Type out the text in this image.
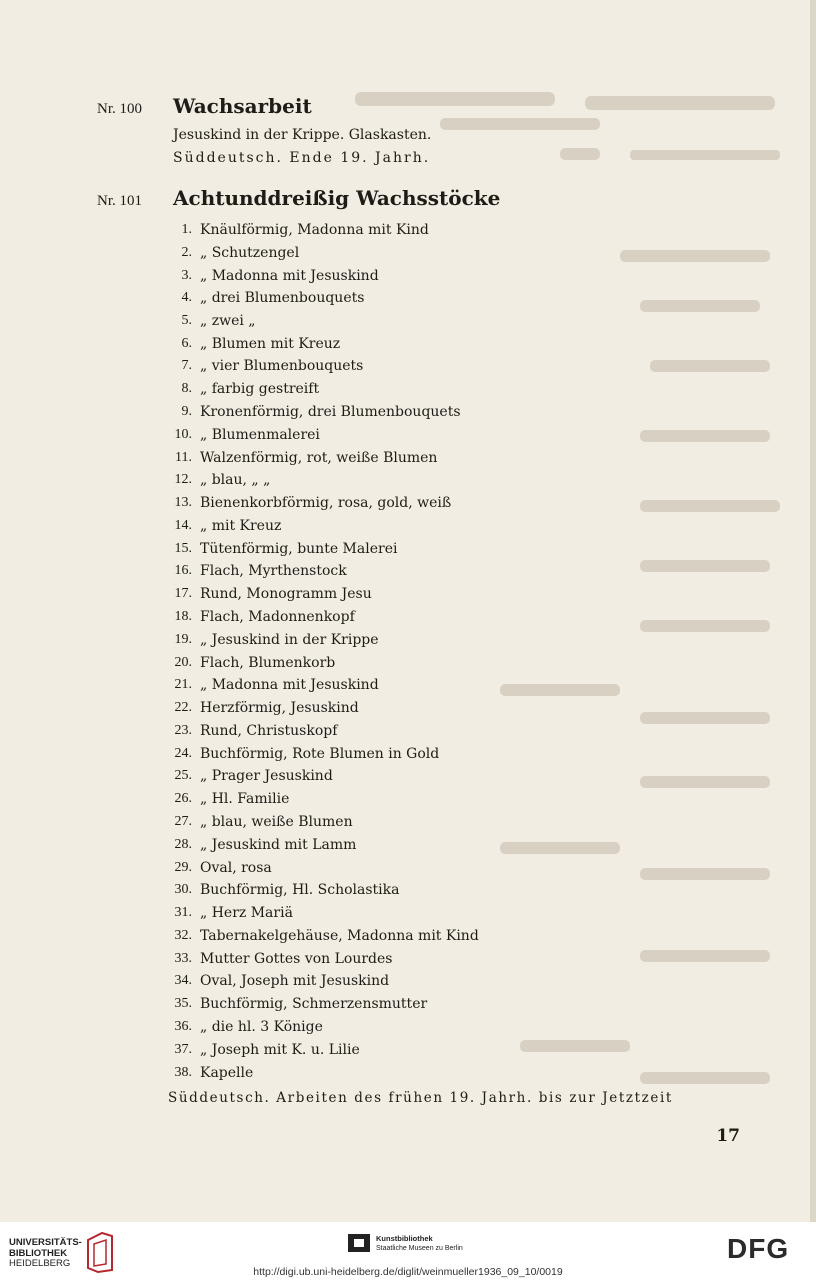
Nr. 100 Wachsarbeit
Jesuskind in der Krippe. Glaskasten.
Süddeutsch. Ende 19. Jahrh.
Nr. 101 Achtunddreißig Wachsstöcke
1. Knäulförmig, Madonna mit Kind
2. „ Schutzengel
3. „ Madonna mit Jesuskind
4. „ drei Blumenbouquets
5. „ zwei „
6. „ Blumen mit Kreuz
7. „ vier Blumenbouquets
8. „ farbig gestreift
9. Kronenförmig, drei Blumenbouquets
10. „ Blumenmalerei
11. Walzenförmig, rot, weiße Blumen
12. „ blau, „ „
13. Bienenkorbförmig, rosa, gold, weiß
14. „ mit Kreuz
15. Tütenförmig, bunte Malerei
16. Flach, Myrthenstock
17. Rund, Monogramm Jesu
18. Flach, Madonnenkopf
19. „ Jesuskind in der Krippe
20. Flach, Blumenkorb
21. „ Madonna mit Jesuskind
22. Herzförmig, Jesuskind
23. Rund, Christuskopf
24. Buchförmig, Rote Blumen in Gold
25. „ Prager Jesuskind
26. „ Hl. Familie
27. „ blau, weiße Blumen
28. „ Jesuskind mit Lamm
29. Oval, rosa
30. Buchförmig, Hl. Scholastika
31. „ Herz Mariä
32. Tabernakelgehäuse, Madonna mit Kind
33. Mutter Gottes von Lourdes
34. Oval, Joseph mit Jesuskind
35. Buchförmig, Schmerzensmutter
36. „ die hl. 3 Könige
37. „ Joseph mit K. u. Lilie
38. Kapelle
Süddeutsch. Arbeiten des frühen 19. Jahrh. bis zur Jetztzeit
17
UNIVERSITÄTS-
BIBLIOTHEK
HEIDELBERG
Kunstbibliothek
Staatliche Museen zu Berlin	DFG
http://digi.ub.uni-heidelberg.de/diglit/weinmueller1936_09_10/0019
